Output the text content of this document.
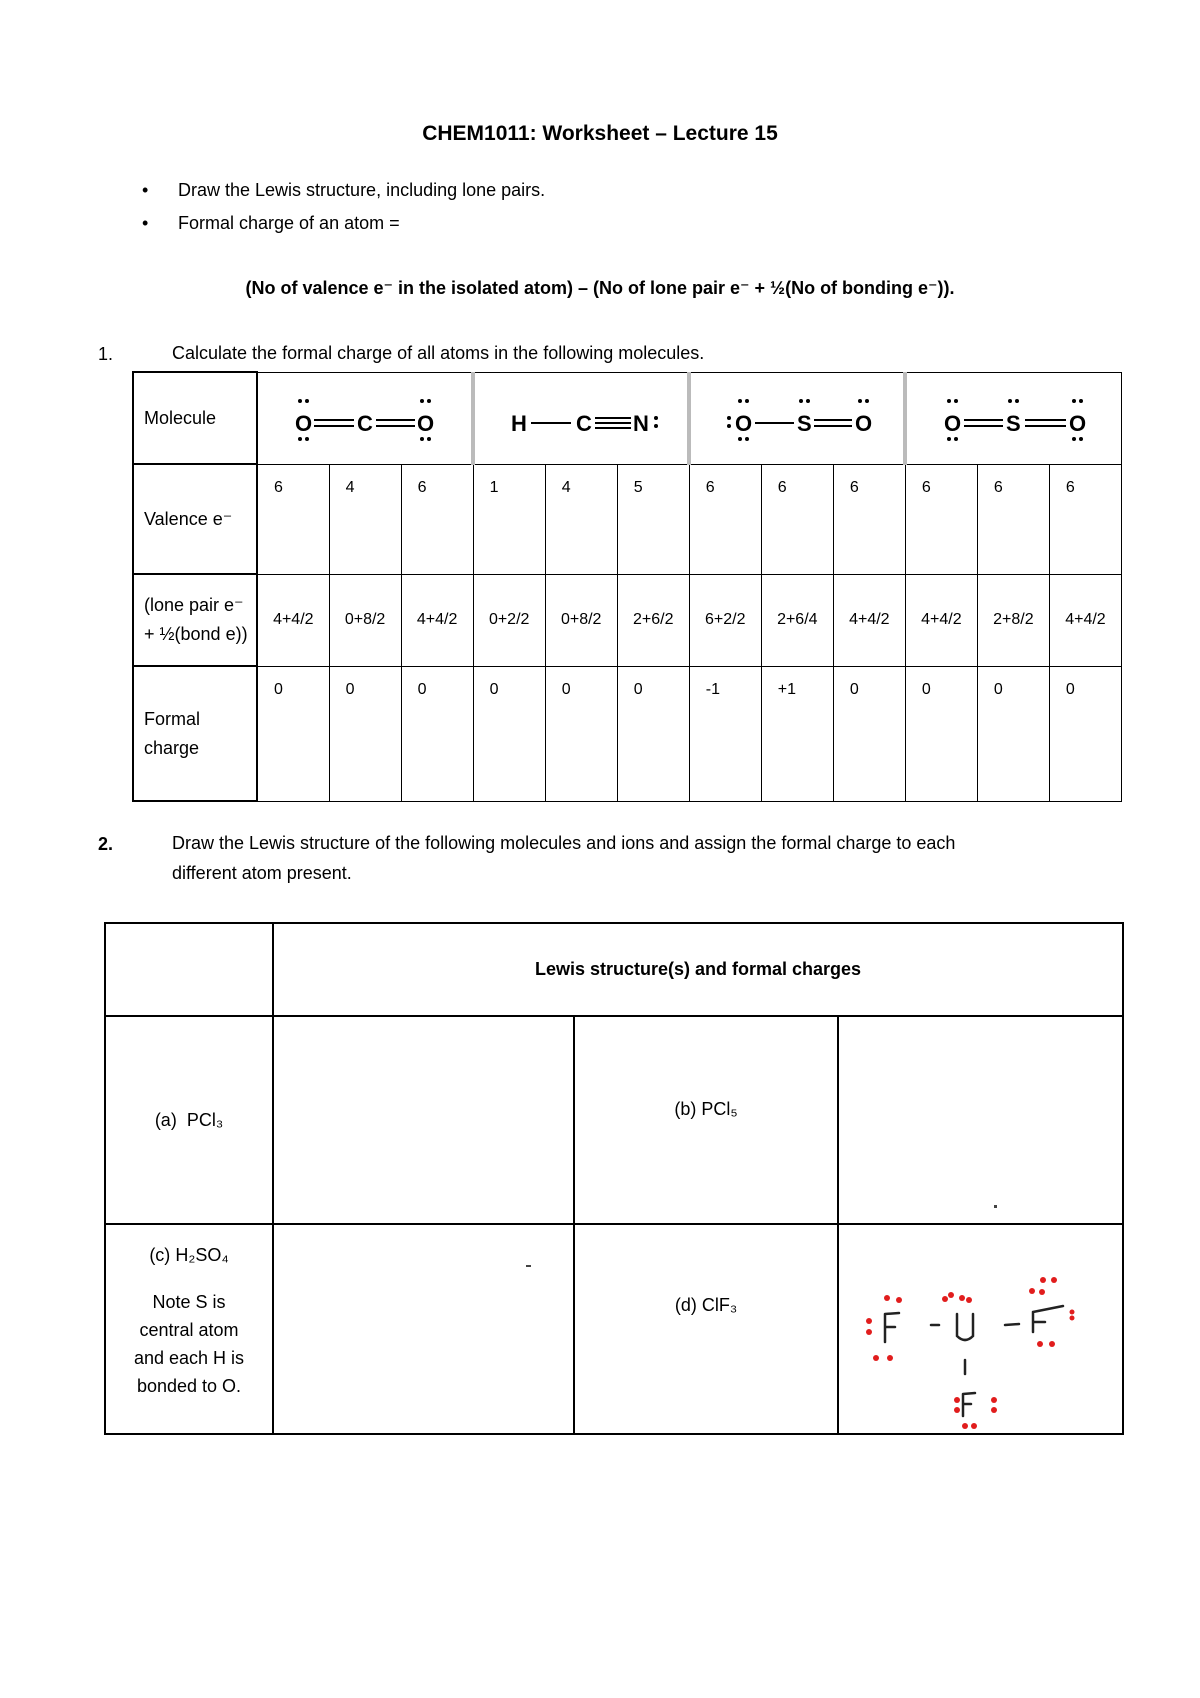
CHEM1011: Worksheet – Lecture 15
• Draw the Lewis structure, including lone pairs.
• Formal charge of an atom =
(No of valence e⁻ in the isolated atom) – (No of lone pair e⁻ + ½(No of bonding e⁻)).
1.	Calculate the formal charge of all atoms in the following molecules.
Molecule	O C O			H C N			O S O			O S O		

Valence e⁻	6	4	6	1	4	5	6	6	6	6	6	6
(lone pair e⁻ + ½(bond e))	4+4/2	0+8/2	4+4/2	0+2/2	0+8/2	2+6/2	6+2/2	2+6/4	4+4/2	4+4/2	2+8/2	4+4/2
Formal charge	0	0	0	0	0	0	-1	+1	0	0	0	0
2.	Draw the Lewis structure of the following molecules and ions and assign the formal charge to each
different atom present.
	Lewis structure(s) and formal charges		
(a) PCl₃		(b) PCl₅	

(c) H₂SO₄
Note S is
central atom
and each H is
bonded to O.		(d) ClF₃	
